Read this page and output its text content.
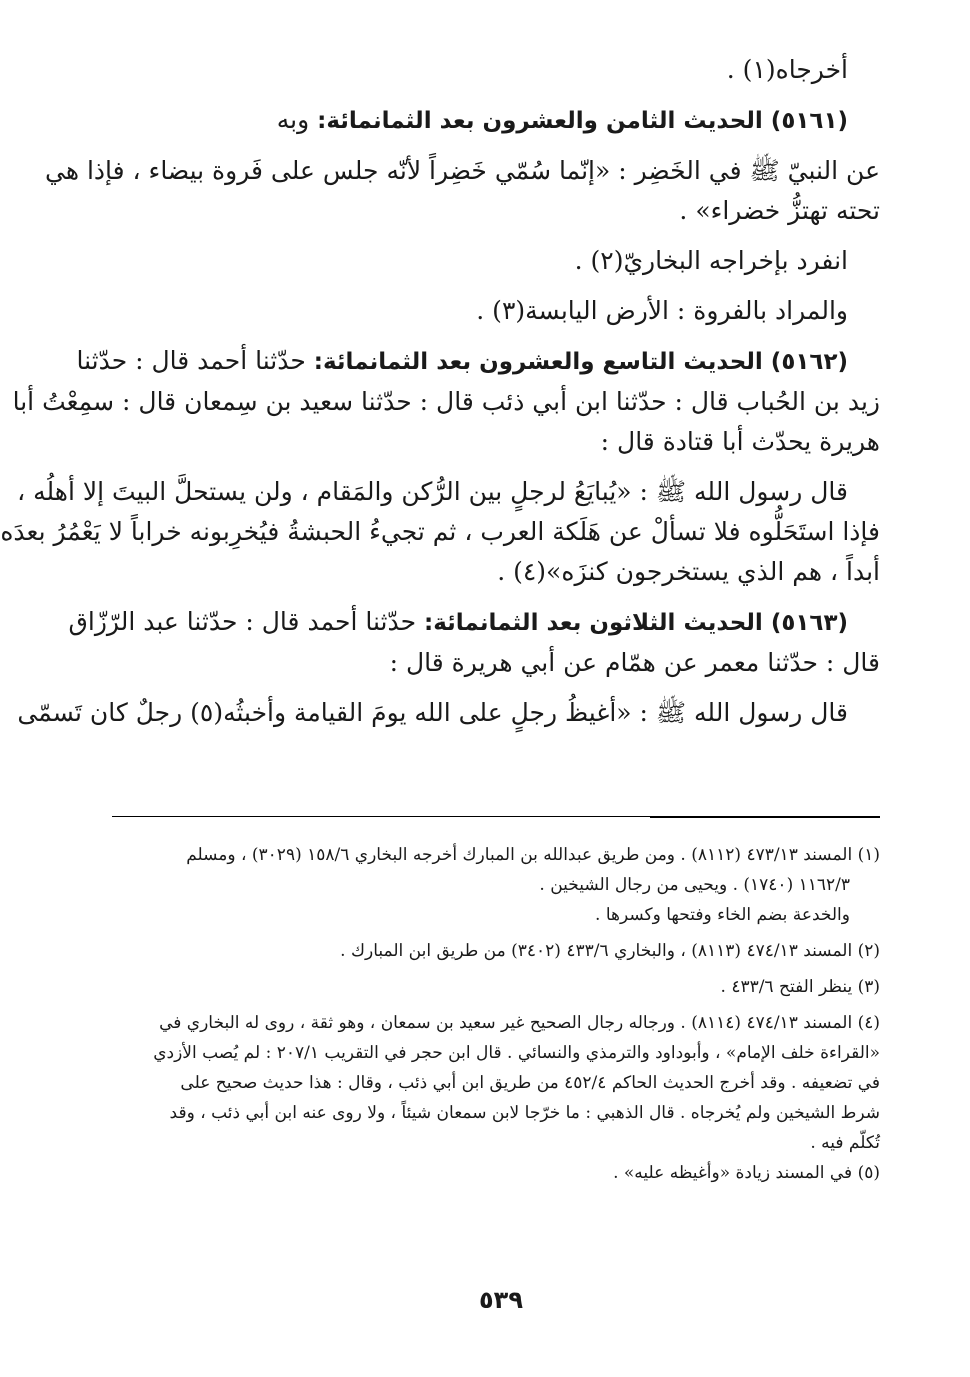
أخرجاه(١) .

(٥١٦١) الحديث الثامن والعشرون بعد الثمانمائة: وبه

عن النبيّ ﷺ في الخَضِر : «إنّما سُمّي خَضِراً لأنّه جلس على فَروة بيضاء ، فإذا هي

تحته تهتزُّ خضراء» .

انفرد بإخراجه البخاريّ(٢) .

والمراد بالفروة : الأرض اليابسة(٣) .

(٥١٦٢) الحديث التاسع والعشرون بعد الثمانمائة: حدّثنا أحمد قال : حدّثنا

زيد بن الحُباب قال : حدّثنا ابن أبي ذئب قال : حدّثنا سعيد بن سِمعان قال : سمِعْتُ أبا

هريرة يحدّث أبا قتادة قال :

قال رسول الله ﷺ : «يُبايَعُ لرجلٍ بين الرُّكن والمَقام ، ولن يستحلَّ البيتَ إلا أهلُه ،

فإذا استَحَلُّوه فلا تسألْ عن هَلَكة العرب ، ثم تجيءُ الحبشةُ فيُخرِبونه خراباً لا يَعْمُرُ بعدَه

أبداً ، هم الذي يستخرجون كنزَه»(٤) .

(٥١٦٣) الحديث الثلاثون بعد الثمانمائة: حدّثنا أحمد قال : حدّثنا عبد الرّزّاق

قال : حدّثنا معمر عن همّام عن أبي هريرة قال :

قال رسول الله ﷺ : «أغيظُ رجلٍ على الله يومَ القيامة وأخبثُه(٥) رجلٌ كان تَسمّى

(١) المسند ٤٧٣/١٣ (٨١١٢) . ومن طريق عبدالله بن المبارك أخرجه البخاري ١٥٨/٦ (٣٠٢٩) ، ومسلم

١١٦٢/٣ (١٧٤٠) . ويحيى من رجال الشيخين .

والخدعة بضم الخاء وفتحها وكسرها .

(٢) المسند ٤٧٤/١٣ (٨١١٣) ، والبخاري ٤٣٣/٦ (٣٤٠٢) من طريق ابن المبارك .

(٣) ينظر الفتح ٤٣٣/٦ .

(٤) المسند ٤٧٤/١٣ (٨١١٤) . ورجاله رجال الصحيح غير سعيد بن سمعان ، وهو ثقة ، روى له البخاري في

«القراءة خلف الإمام» ، وأبوداود والترمذي والنسائي . قال ابن حجر في التقريب ٢٠٧/١ : لم يُصب الأزدي

في تضعيفه . وقد أخرج الحديث الحاكم ٤٥٢/٤ من طريق ابن أبي ذئب ، وقال : هذا حديث صحيح على

شرط الشيخين ولم يُخرجاه . قال الذهبي : ما خرّجا لابن سمعان شيئاً ، ولا روى عنه ابن أبي ذئب ، وقد

تُكلّم فيه .

(٥) في المسند زيادة «وأغيظه عليه» .

٥٣٩
